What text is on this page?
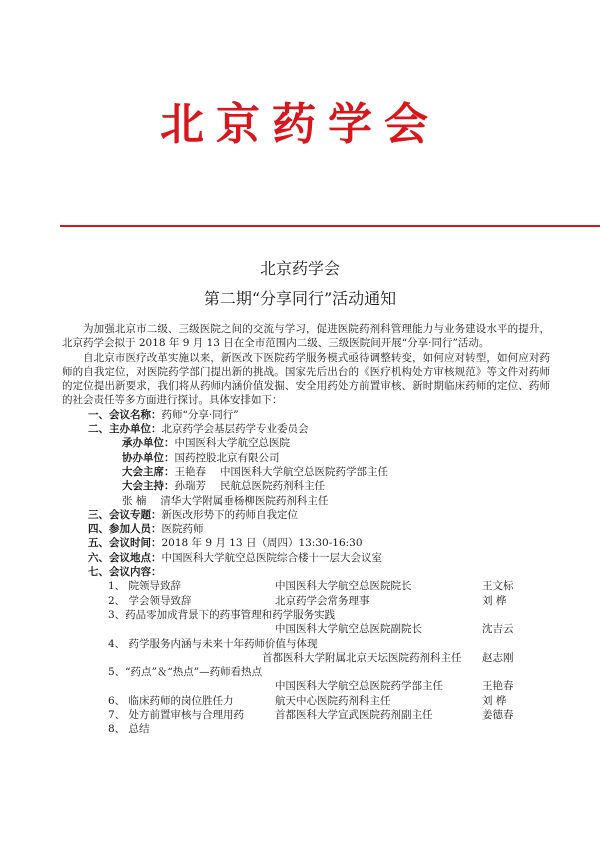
北京药学会
北京药学会
第二期“分享同行”活动通知

为加强北京市二级、三级医院之间的交流与学习，促进医院药剂科管理能力与业务建设水平的提升，北京药学会拟于 2018 年 9 月 13 日在全市范围内二级、三级医院间开展“分享·同行”活动。

自北京市医疗改革实施以来，新医改下医院药学服务模式亟待调整转变，如何应对转型，如何应对药师的自我定位，对医院药学部门提出新的挑战。国家先后出台的《医疗机构处方审核规范》等文件对药师的定位提出新要求，我们将从药师内涵价值发掘、安全用药处方前置审核、新时期临床药师的定位、药师的社会责任等多方面进行探讨。具体安排如下：

一、会议名称：药师“分享·同行”

二、主办单位：北京药学会基层药学专业委员会

承办单位：中国医科大学航空总医院

协办单位：国药控股北京有限公司

大会主席：王艳春 中国医科大学航空总医院药学部主任

大会主持：孙瑞芳 民航总医院药剂科主任

张 楠 清华大学附属垂杨柳医院药剂科主任

三、会议专题：新医改形势下的药师自我定位

四、参加人员：医院药师

五、会议时间：2018 年 9 月 13 日（周四）13:30-16:30

六、会议地点：中国医科大学航空总医院综合楼十一层大会议室

七、会议内容：

1、 院领导致辞	中国医科大学航空总医院院长	王文标
2、 学会领导致辞	北京药学会常务理事	刘 桦
3、药品零加成背景下的药事管理和药学服务实践
中国医科大学航空总医院副院长	沈吉云
4、 药学服务内涵与未来十年药师价值与体现
首都医科大学附属北京天坛医院药剂科主任 赵志刚
5、“药点”＆“热点”—药师看热点
中国医科大学航空总医院药学部主任	王艳春
6、 临床药师的岗位胜任力	航天中心医院药剂科主任	刘 桦
7、 处方前置审核与合理用药	首都医科大学宣武医院药剂副主任	姜德春
8、 总结
